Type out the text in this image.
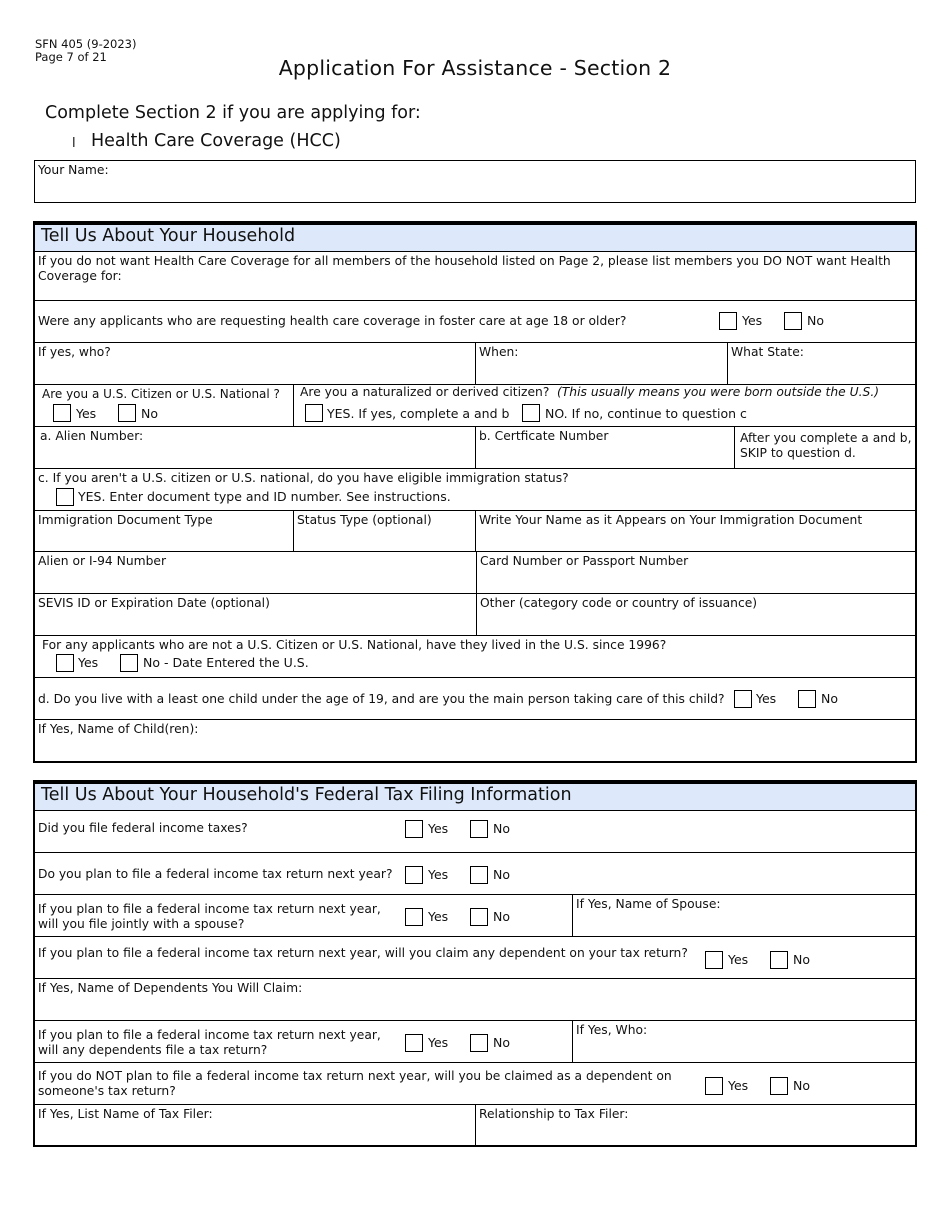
SFN 405 (9-2023)
Page 7 of 21	Application For Assistance - Section 2
Complete Section 2 if you are applying for:
l Health Care Coverage (HCC)
Your Name:
Tell Us About Your Household
If you do not want Health Care Coverage for all members of the household listed on Page 2, please list members you DO NOT want Health Coverage for:
Were any applicants who are requesting health care coverage in foster care at age 18 or older?	Yes	No
If yes, who?	When:	What State:
Are you a U.S. Citizen or U.S. National ?
Yes	No
Are you a naturalized or derived citizen? (This usually means you were born outside the U.S.)
YES. If yes, complete a and b	NO. If no, continue to question c
a. Alien Number:	b. Certficate Number	After you complete a and b, SKIP to question d.
c. If you aren't a U.S. citizen or U.S. national, do you have eligible immigration status?
YES. Enter document type and ID number. See instructions.
Immigration Document Type	Status Type (optional)	Write Your Name as it Appears on Your Immigration Document
Alien or I-94 Number	Card Number or Passport Number
SEVIS ID or Expiration Date (optional)	Other (category code or country of issuance)
For any applicants who are not a U.S. Citizen or U.S. National, have they lived in the U.S. since 1996?
Yes	No - Date Entered the U.S.
d. Do you live with a least one child under the age of 19, and are you the main person taking care of this child?	Yes	No
If Yes, Name of Child(ren):
Tell Us About Your Household's Federal Tax Filing Information
Did you file federal income taxes?	Yes	No
Do you plan to file a federal income tax return next year?	Yes	No
If you plan to file a federal income tax return next year,
will you file jointly with a spouse?	Yes	No
If Yes, Name of Spouse:
If you plan to file a federal income tax return next year, will you claim any dependent on your tax return?	Yes	No
If Yes, Name of Dependents You Will Claim:
If you plan to file a federal income tax return next year,
will any dependents file a tax return?	Yes	No
If Yes, Who:
If you do NOT plan to file a federal income tax return next year, will you be claimed as a dependent on
someone's tax return?	Yes	No
If Yes, List Name of Tax Filer:	Relationship to Tax Filer:
